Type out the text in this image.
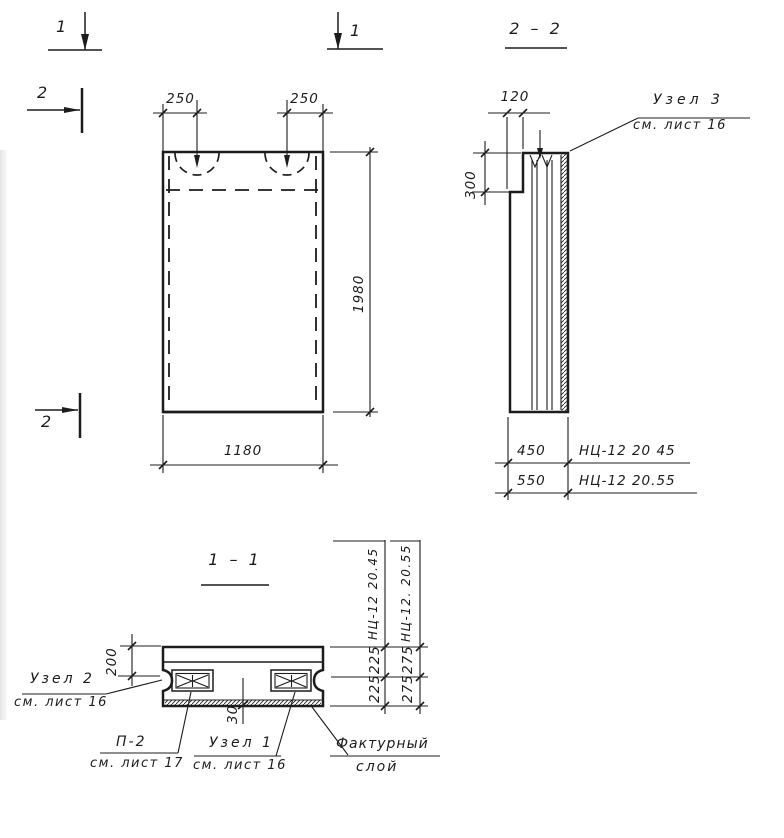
1	1
2
2
250	250
1180
1980
2 – 2
120
300
Узел 3
см. лист 16
450 НЦ-12 20 45
550 НЦ-12 20.55
1 – 1
200
30
НЦ-12 20.45
225
225
НЦ-12. 20.55
275
275
Узел 2
см. лист 16
П-2
см. лист 17
Узел 1
см. лист 16
Фактурный
слой
